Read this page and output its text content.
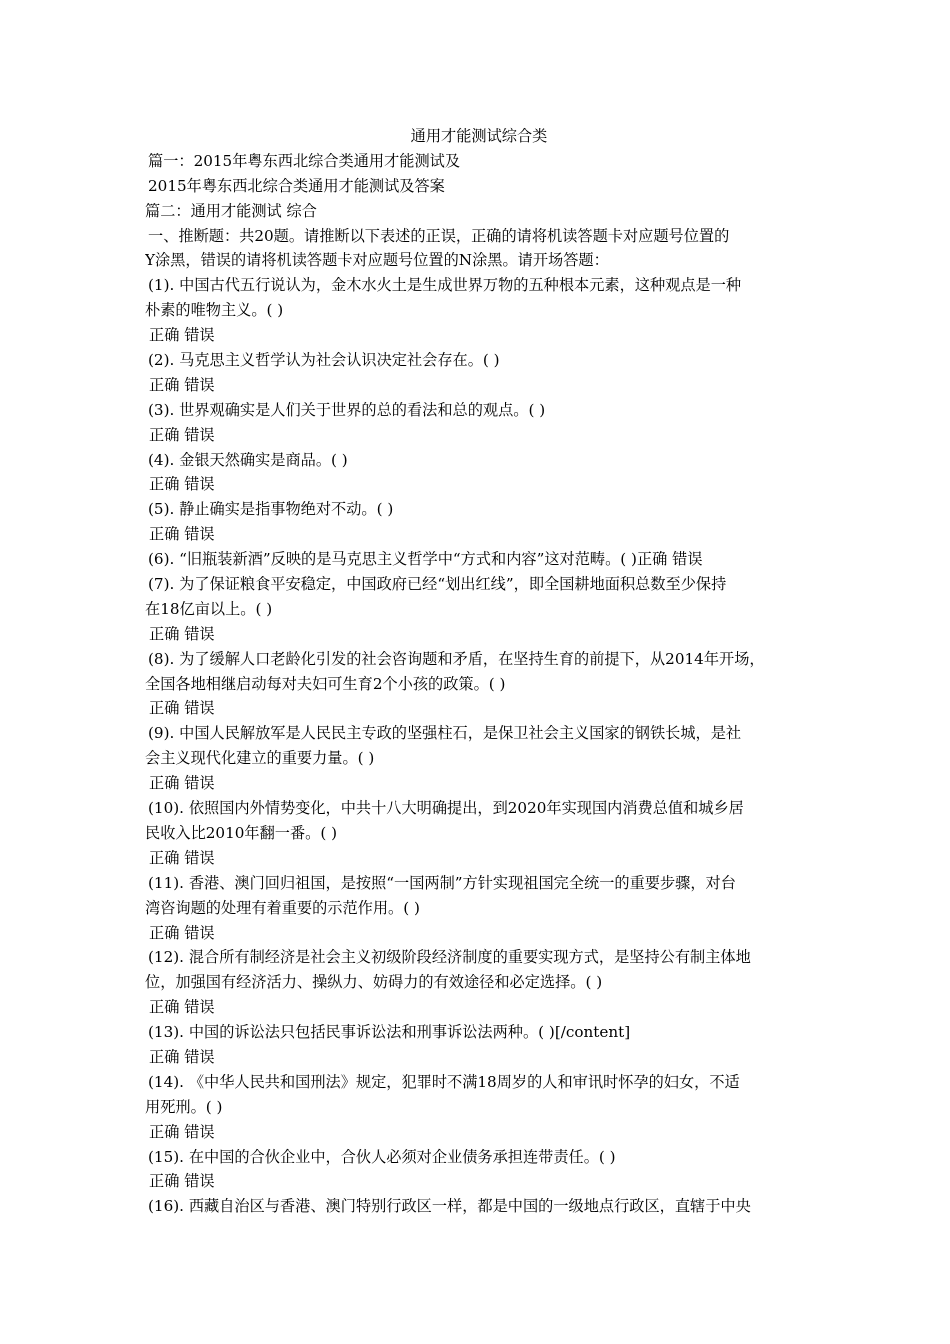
通用才能测试综合类
篇一：2015年粤东西北综合类通用才能测试及
2015年粤东西北综合类通用才能测试及答案
篇二：通用才能测试 综合
一、推断题：共20题。请推断以下表述的正误，正确的请将机读答题卡对应题号位置的
Y涂黑，错误的请将机读答题卡对应题号位置的N涂黑。请开场答题：
(1). 中国古代五行说认为，金木水火土是生成世界万物的五种根本元素，这种观点是一种
朴素的唯物主义。( )
正确 错误
(2). 马克思主义哲学认为社会认识决定社会存在。( )
正确 错误
(3). 世界观确实是人们关于世界的总的看法和总的观点。( )
正确 错误
(4). 金银天然确实是商品。( )
正确 错误
(5). 静止确实是指事物绝对不动。( )
正确 错误
(6). “旧瓶装新酒”反映的是马克思主义哲学中“方式和内容”这对范畴。( )正确 错误
(7). 为了保证粮食平安稳定，中国政府已经“划出红线”，即全国耕地面积总数至少保持
在18亿亩以上。( )
正确 错误
(8). 为了缓解人口老龄化引发的社会咨询题和矛盾，在坚持生育的前提下，从2014年开场，
全国各地相继启动每对夫妇可生育2个小孩的政策。( )
正确 错误
(9). 中国人民解放军是人民民主专政的坚强柱石，是保卫社会主义国家的钢铁长城，是社
会主义现代化建立的重要力量。( )
正确 错误
(10). 依照国内外情势变化，中共十八大明确提出，到2020年实现国内消费总值和城乡居
民收入比2010年翻一番。( )
正确 错误
(11). 香港、澳门回归祖国，是按照“一国两制”方针实现祖国完全统一的重要步骤，对台
湾咨询题的处理有着重要的示范作用。( )
正确 错误
(12). 混合所有制经济是社会主义初级阶段经济制度的重要实现方式，是坚持公有制主体地
位，加强国有经济活力、操纵力、妨碍力的有效途径和必定选择。( )
正确 错误
(13). 中国的诉讼法只包括民事诉讼法和刑事诉讼法两种。( )[/content]
正确 错误
(14). 《中华人民共和国刑法》规定，犯罪时不满18周岁的人和审讯时怀孕的妇女，不适
用死刑。( )
正确 错误
(15). 在中国的合伙企业中，合伙人必须对企业债务承担连带责任。( )
正确 错误
(16). 西藏自治区与香港、澳门特别行政区一样，都是中国的一级地点行政区，直辖于中央
